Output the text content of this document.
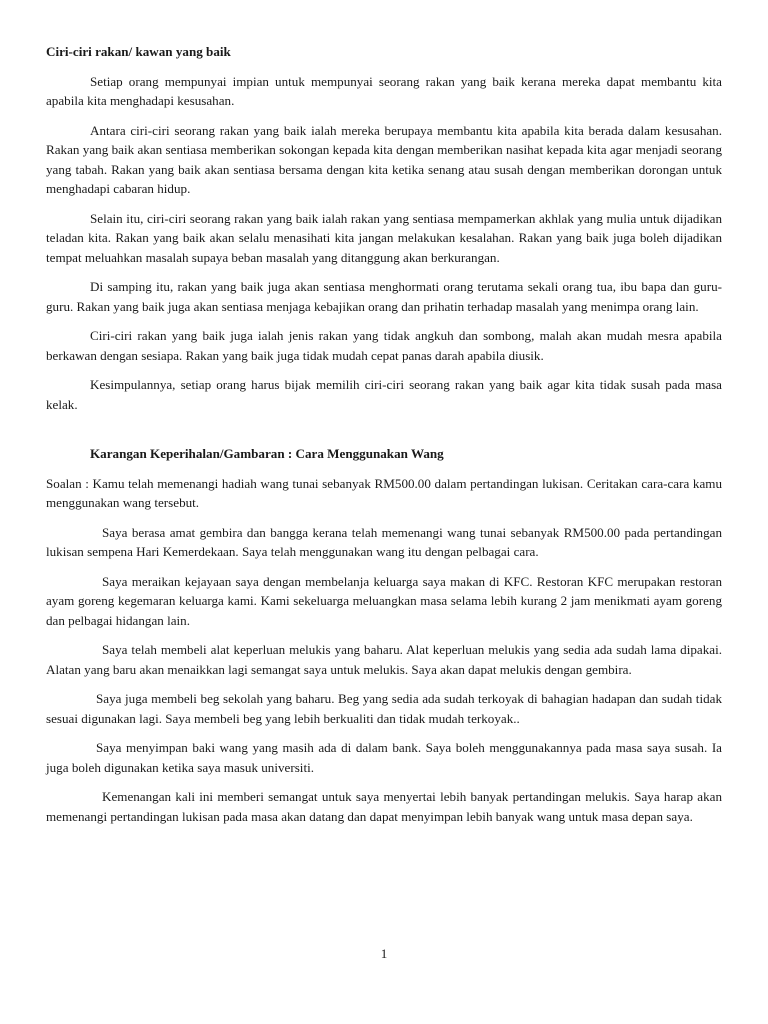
Ciri-ciri rakan/ kawan yang baik

Setiap orang mempunyai impian untuk mempunyai seorang rakan yang baik kerana mereka dapat membantu kita apabila kita menghadapi kesusahan.

Antara ciri-ciri seorang rakan yang baik ialah mereka berupaya membantu kita apabila kita berada dalam kesusahan. Rakan yang baik akan sentiasa memberikan sokongan kepada kita dengan memberikan nasihat kepada kita agar menjadi seorang yang tabah. Rakan yang baik akan sentiasa bersama dengan kita ketika senang atau susah dengan memberikan dorongan untuk menghadapi cabaran hidup.

Selain itu, ciri-ciri seorang rakan yang baik ialah rakan yang sentiasa mempamerkan akhlak yang mulia untuk dijadikan teladan kita. Rakan yang baik akan selalu menasihati kita jangan melakukan kesalahan. Rakan yang baik juga boleh dijadikan tempat meluahkan masalah supaya beban masalah yang ditanggung akan berkurangan.

Di samping itu, rakan yang baik juga akan sentiasa menghormati orang terutama sekali orang tua, ibu bapa dan guru-guru. Rakan yang baik juga akan sentiasa menjaga kebajikan orang dan prihatin terhadap masalah yang menimpa orang lain.

Ciri-ciri rakan yang baik juga ialah jenis rakan yang tidak angkuh dan sombong, malah akan mudah mesra apabila berkawan dengan sesiapa. Rakan yang baik juga tidak mudah cepat panas darah apabila diusik.

Kesimpulannya, setiap orang harus bijak memilih ciri-ciri seorang rakan yang baik agar kita tidak susah pada masa kelak.

Karangan Keperihalan/Gambaran : Cara Menggunakan Wang

Soalan : Kamu telah memenangi hadiah wang tunai sebanyak RM500.00 dalam pertandingan lukisan. Ceritakan cara-cara kamu menggunakan wang tersebut.

Saya berasa amat gembira dan bangga kerana telah memenangi wang tunai sebanyak RM500.00 pada pertandingan lukisan sempena Hari Kemerdekaan. Saya telah menggunakan wang itu dengan pelbagai cara.

Saya meraikan kejayaan saya dengan membelanja keluarga saya makan di KFC. Restoran KFC merupakan restoran ayam goreng kegemaran keluarga kami. Kami sekeluarga meluangkan masa selama lebih kurang 2 jam menikmati ayam goreng dan pelbagai hidangan lain.

Saya telah membeli alat keperluan melukis yang baharu. Alat keperluan melukis yang sedia ada sudah lama dipakai. Alatan yang baru akan menaikkan lagi semangat saya untuk melukis. Saya akan dapat melukis dengan gembira.

Saya juga membeli beg sekolah yang baharu. Beg yang sedia ada sudah terkoyak di bahagian hadapan dan sudah tidak sesuai digunakan lagi. Saya membeli beg yang lebih berkualiti dan tidak mudah terkoyak..

Saya menyimpan baki wang yang masih ada di dalam bank. Saya boleh menggunakannya pada masa saya susah. Ia juga boleh digunakan ketika saya masuk universiti.

Kemenangan kali ini memberi semangat untuk saya menyertai lebih banyak pertandingan melukis. Saya harap akan memenangi pertandingan lukisan pada masa akan datang dan dapat menyimpan lebih banyak wang untuk masa depan saya.

1
